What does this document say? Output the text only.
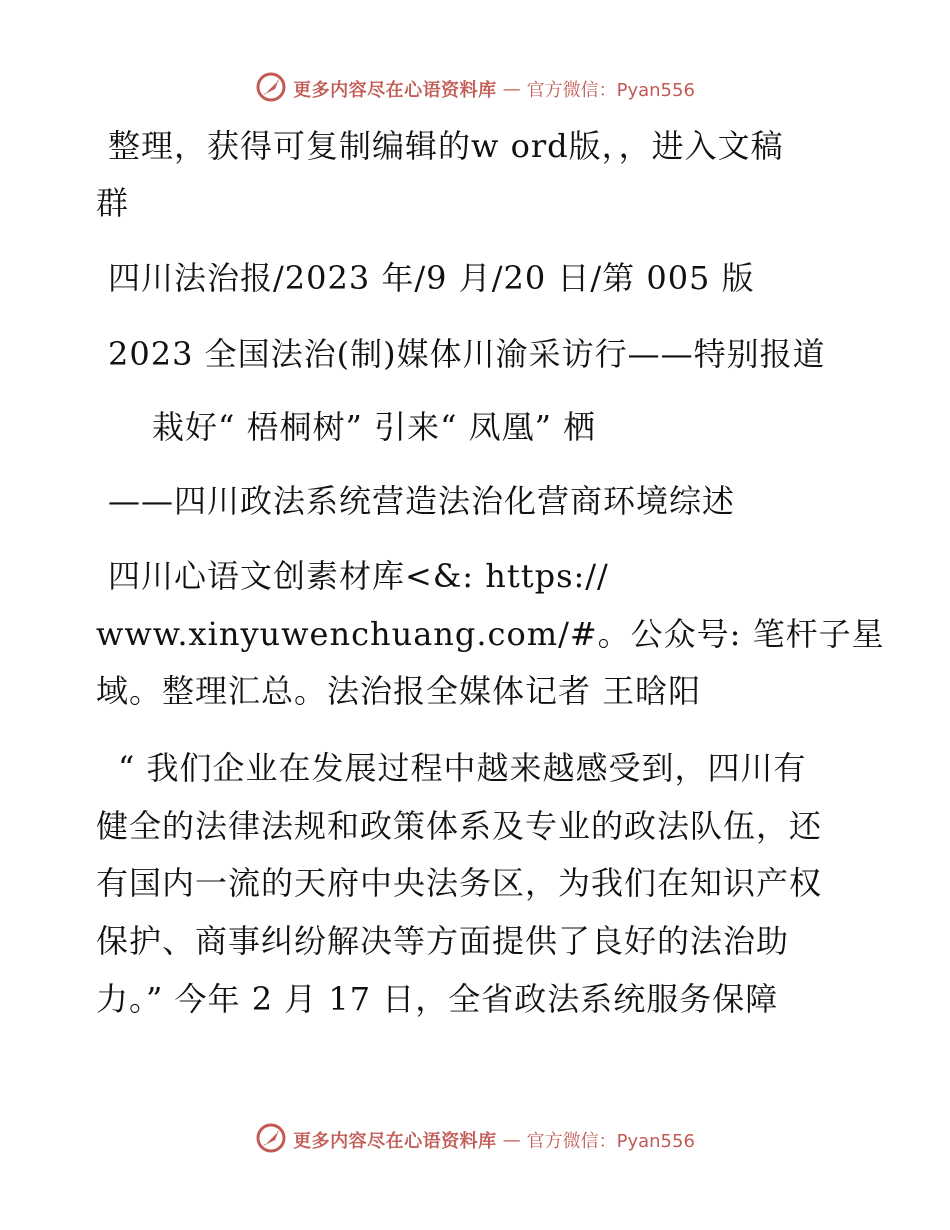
更多内容尽在心语资料库 — 官方微信：Pyan556
整理，获得可复制编辑的w ord版，，进入文稿
群
四川法治报/2023 年/9 月/20 日/第 005 版
2023 全国法治(制)媒体川渝采访行——特别报道
栽好“ 梧桐树” 引来“ 凤凰” 栖
——四川政法系统营造法治化营商环境综述
四川心语文创素材库<&: https://
www.xinyuwenchuang.com/#。公众号: 笔杆子星
域。整理汇总。法治报全媒体记者 王晗阳
“ 我们企业在发展过程中越来越感受到，四川有
健全的法律法规和政策体系及专业的政法队伍，还
有国内一流的天府中央法务区，为我们在知识产权
保护、商事纠纷解决等方面提供了良好的法治助
力。” 今年 2 月 17 日，全省政法系统服务保障
更多内容尽在心语资料库 — 官方微信：Pyan556
